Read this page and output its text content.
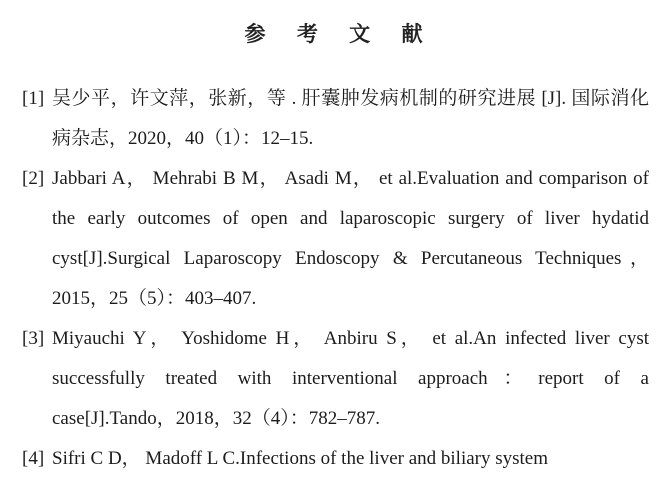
参 考 文 献
[1] 吴少平，许文萍，张新，等 . 肝囊肿发病机制的研究进展 [J]. 国际消化病杂志，2020，40（1）：12–15.
[2] Jabbari A， Mehrabi B M， Asadi M， et al.Evaluation and comparison of the early outcomes of open and laparoscopic surgery of liver hydatid cyst[J].Surgical Laparoscopy Endoscopy & Percutaneous Techniques，2015，25（5）：403–407.
[3] Miyauchi Y， Yoshidome H， Anbiru S， et al.An infected liver cyst successfully treated with interventional approach：report of a case[J].Tando，2018，32（4）：782–787.
[4] Sifri C D， Madoff L C.Infections of the liver and biliary system
